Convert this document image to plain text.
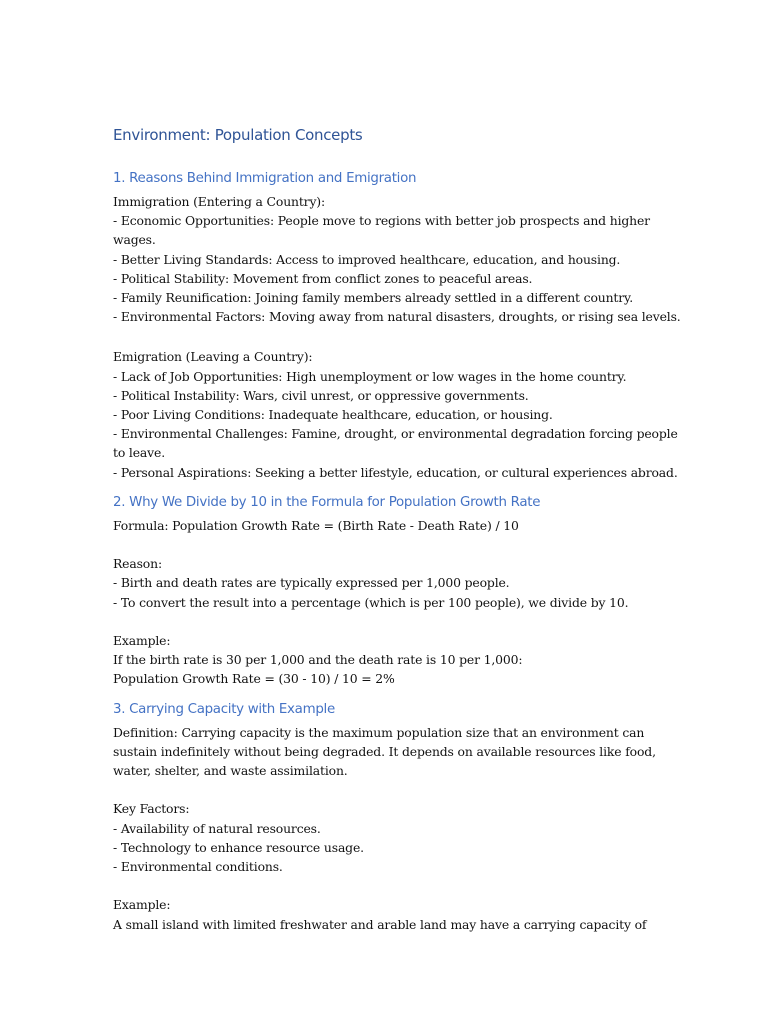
Environment: Population Concepts
1. Reasons Behind Immigration and Emigration

Immigration (Entering a Country):

- Economic Opportunities: People move to regions with better job prospects and higher

wages.

- Better Living Standards: Access to improved healthcare, education, and housing.

- Political Stability: Movement from conflict zones to peaceful areas.

- Family Reunification: Joining family members already settled in a different country.

- Environmental Factors: Moving away from natural disasters, droughts, or rising sea levels.

Emigration (Leaving a Country):

- Lack of Job Opportunities: High unemployment or low wages in the home country.

- Political Instability: Wars, civil unrest, or oppressive governments.

- Poor Living Conditions: Inadequate healthcare, education, or housing.

- Environmental Challenges: Famine, drought, or environmental degradation forcing people

to leave.

- Personal Aspirations: Seeking a better lifestyle, education, or cultural experiences abroad.

2. Why We Divide by 10 in the Formula for Population Growth Rate

Formula: Population Growth Rate = (Birth Rate - Death Rate) / 10

Reason:

- Birth and death rates are typically expressed per 1,000 people.

- To convert the result into a percentage (which is per 100 people), we divide by 10.

Example:

If the birth rate is 30 per 1,000 and the death rate is 10 per 1,000:

Population Growth Rate = (30 - 10) / 10 = 2%

3. Carrying Capacity with Example

Definition: Carrying capacity is the maximum population size that an environment can

sustain indefinitely without being degraded. It depends on available resources like food,

water, shelter, and waste assimilation.

Key Factors:

- Availability of natural resources.

- Technology to enhance resource usage.

- Environmental conditions.

Example:

A small island with limited freshwater and arable land may have a carrying capacity of
